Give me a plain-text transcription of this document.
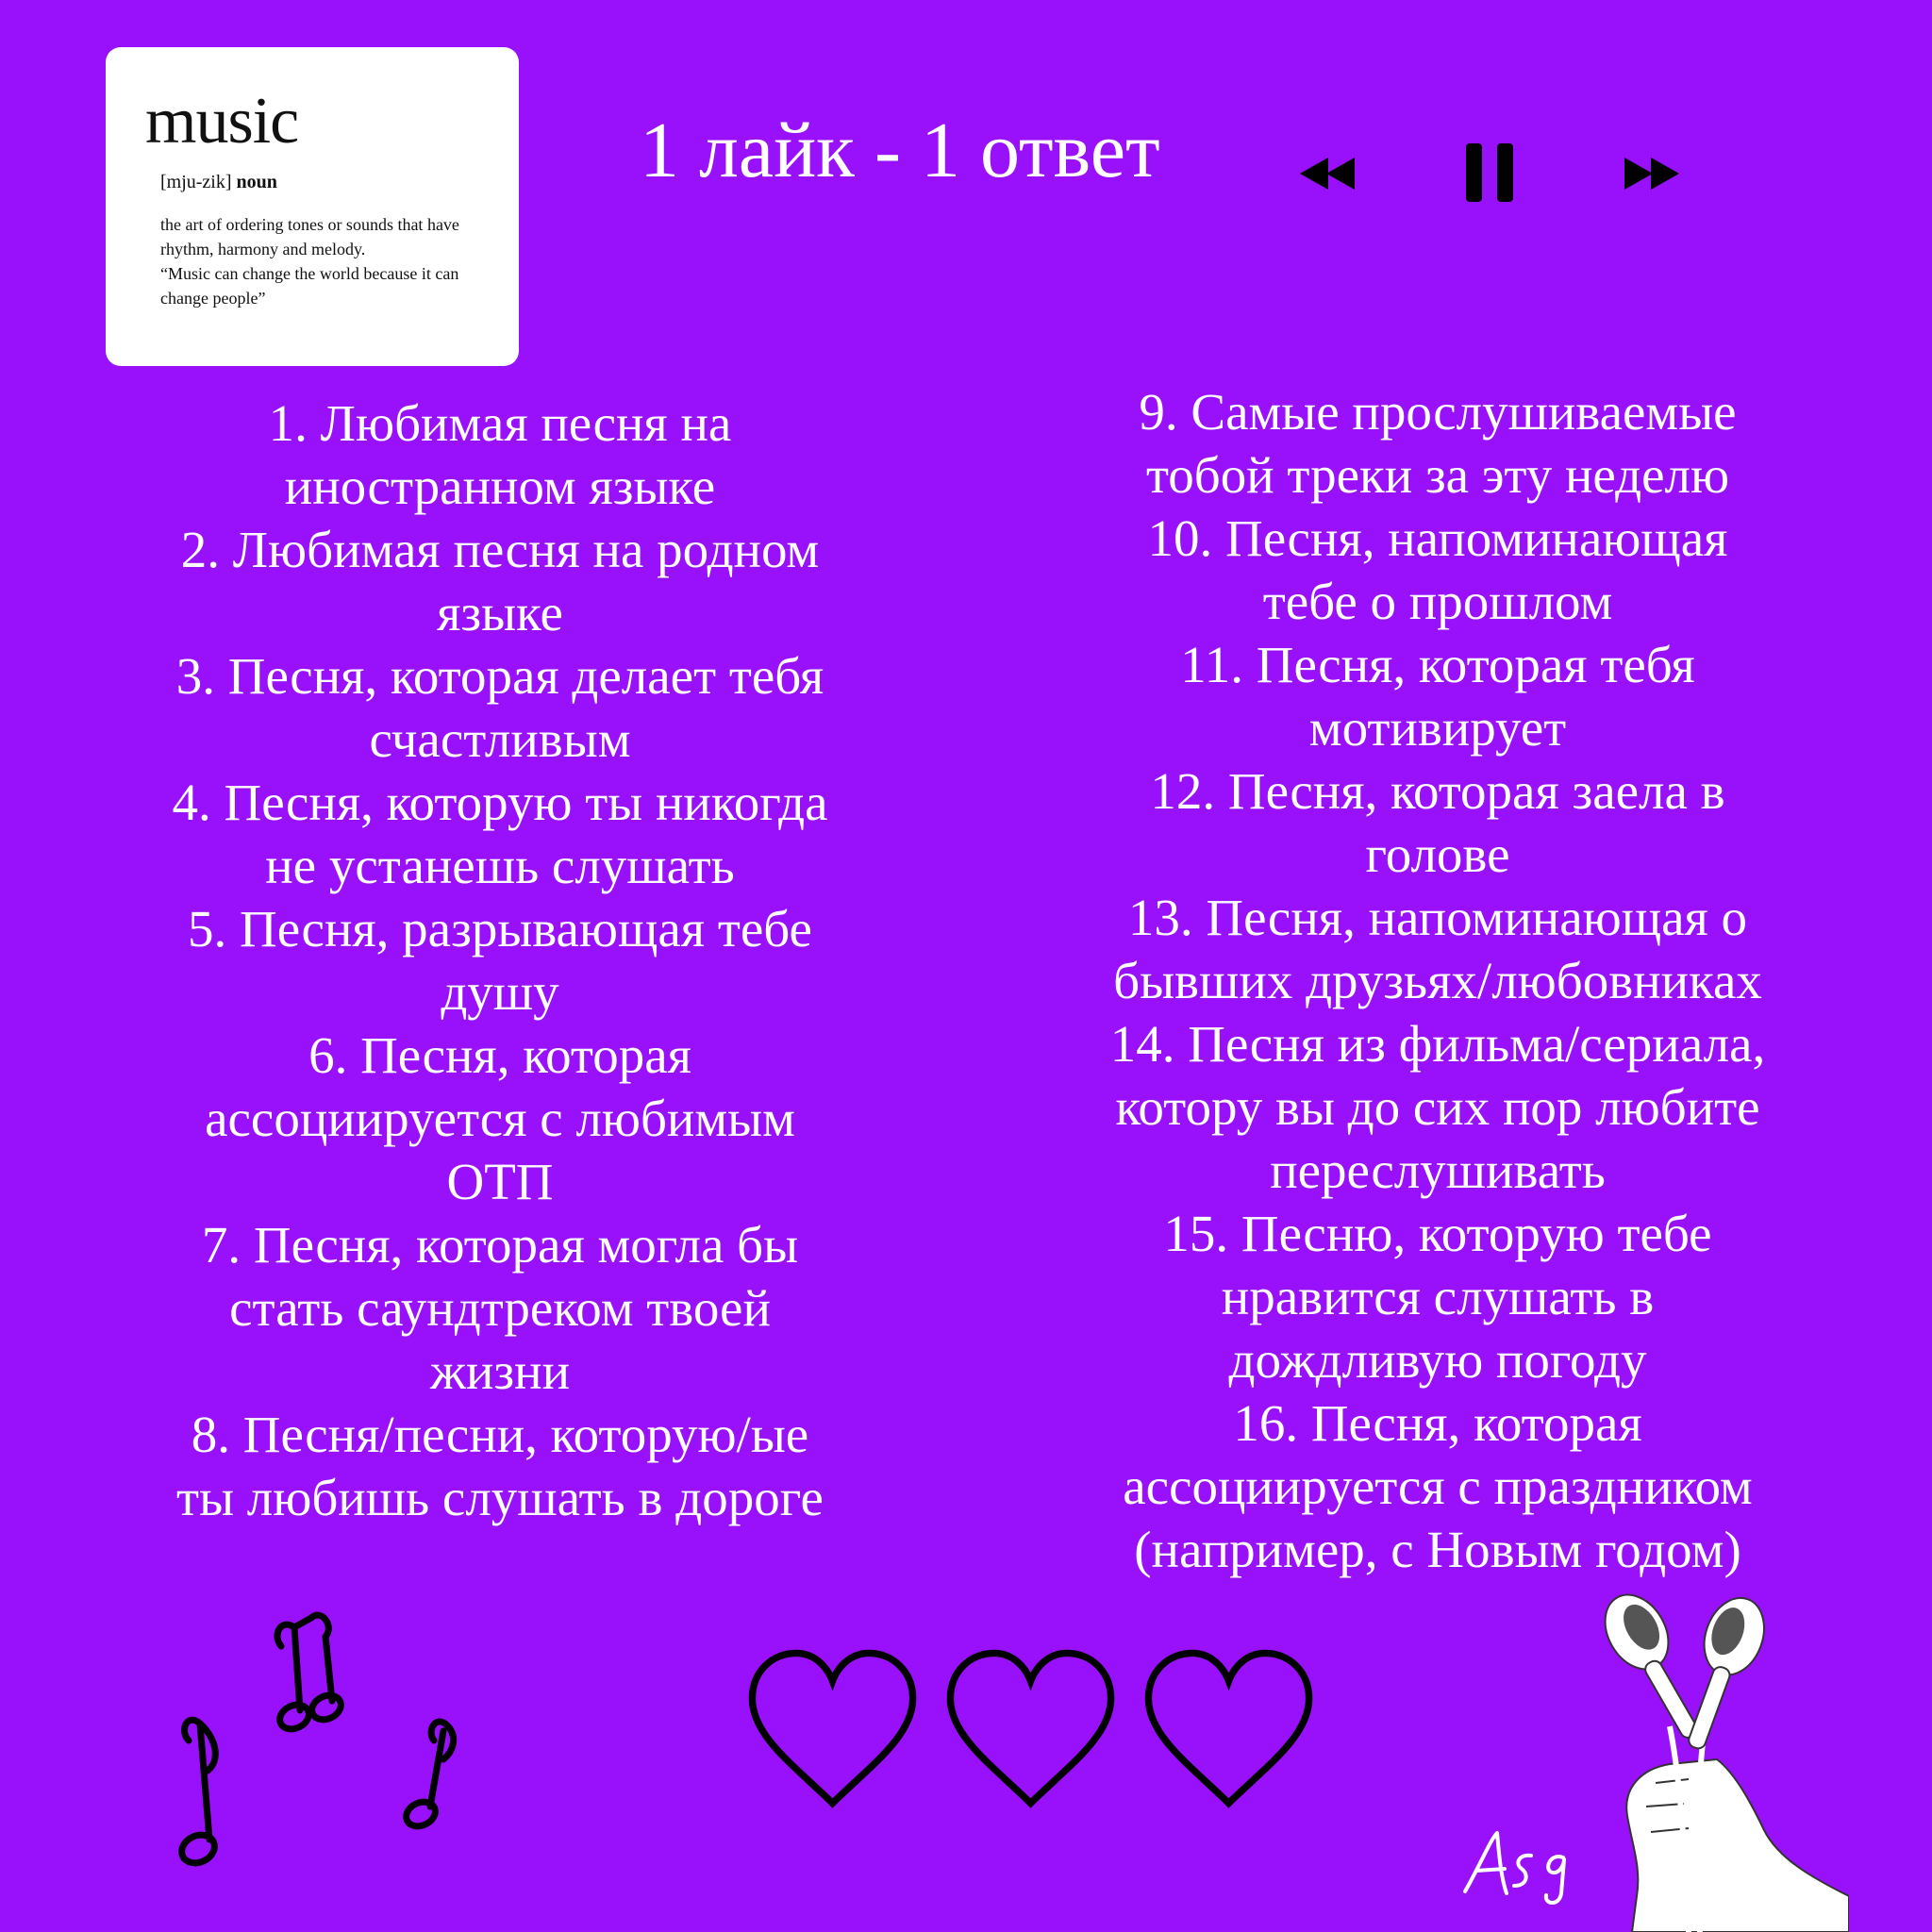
music
[mju-zik] noun
the art of ordering tones or sounds that have rhythm, harmony and melody.
“Music can change the world because it can change people”
1 лайк - 1 ответ

1. Любимая песня на
иностранном языке

2. Любимая песня на родном
языке

3. Песня, которая делает тебя
счастливым

4. Песня, которую ты никогда
не устанешь слушать

5. Песня, разрывающая тебе
душу

6. Песня, которая
ассоциируется с любимым
ОТП

7. Песня, которая могла бы
стать саундтреком твоей
жизни

8. Песня/песни, которую/ые
ты любишь слушать в дороге

9. Самые прослушиваемые
тобой треки за эту неделю

10. Песня, напоминающая
тебе о прошлом

11. Песня, которая тебя
мотивирует

12. Песня, которая заела в
голове

13. Песня, напоминающая о
бывших друзьях/любовниках

14. Песня из фильма/сериала,
котору вы до сих пор любите
переслушивать

15. Песню, которую тебе
нравится слушать в
дождливую погоду

16. Песня, которая
ассоциируется с праздником
(например, с Новым годом)
